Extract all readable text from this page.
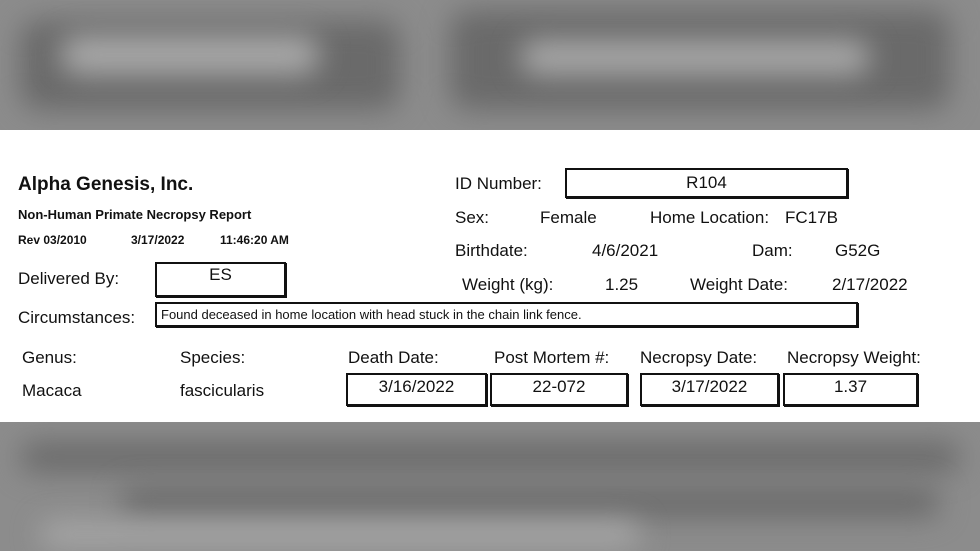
Alpha Genesis, Inc.
Non-Human Primate Necropsy Report
Rev 03/2010	3/17/2022	11:46:20 AM
Delivered By:	ES
Circumstances: Found deceased in home location with head stuck in the chain link fence.
ID Number:	R104
Sex:	Female	Home Location: FC17B
Birthdate:	4/6/2021	Dam: G52G
Weight (kg):	1.25	Weight Date:	2/17/2022
Genus:	Species:	Death Date:	Post Mortem #: Necropsy Date: Necropsy Weight:
Macaca	fascicularis	3/16/2022	22-072	3/17/2022	1.37
